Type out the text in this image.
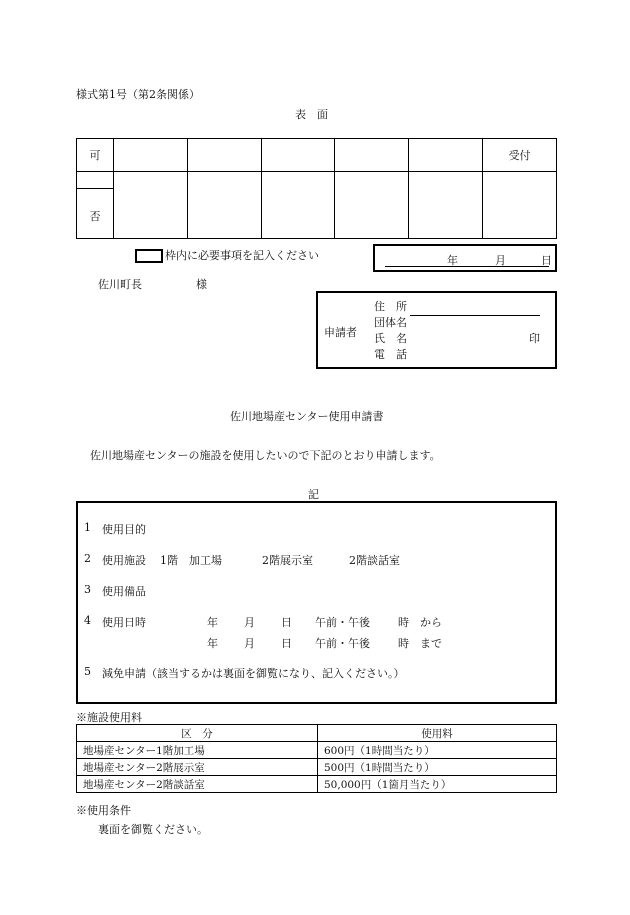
様式第1号（第2条関係）
表　面
可						受付

否						

枠内に必要事項を記入ください	年	月	日
佐川町長	様
申請者
住　所
団体名
氏　名	印
電　話
佐川地場産センター使用申請書
佐川地場産センターの施設を使用したいので下記のとおり申請します。
記
1 使用目的
2 使用施設 1階　加工場	2階展示室	2階談話室
3 使用備品
4 使用日時	年 月 日 午前・午後	時 から
年 月 日 午前・午後	時 まで
5 減免申請（該当するかは裏面を御覧になり、記入ください。）
※施設使用料
区　分	使用料
地場産センター1階加工場	600円（1時間当たり）
地場産センター2階展示室	500円（1時間当たり）
地場産センター2階談話室	50,000円（1箇月当たり）
※使用条件
裏面を御覧ください。
